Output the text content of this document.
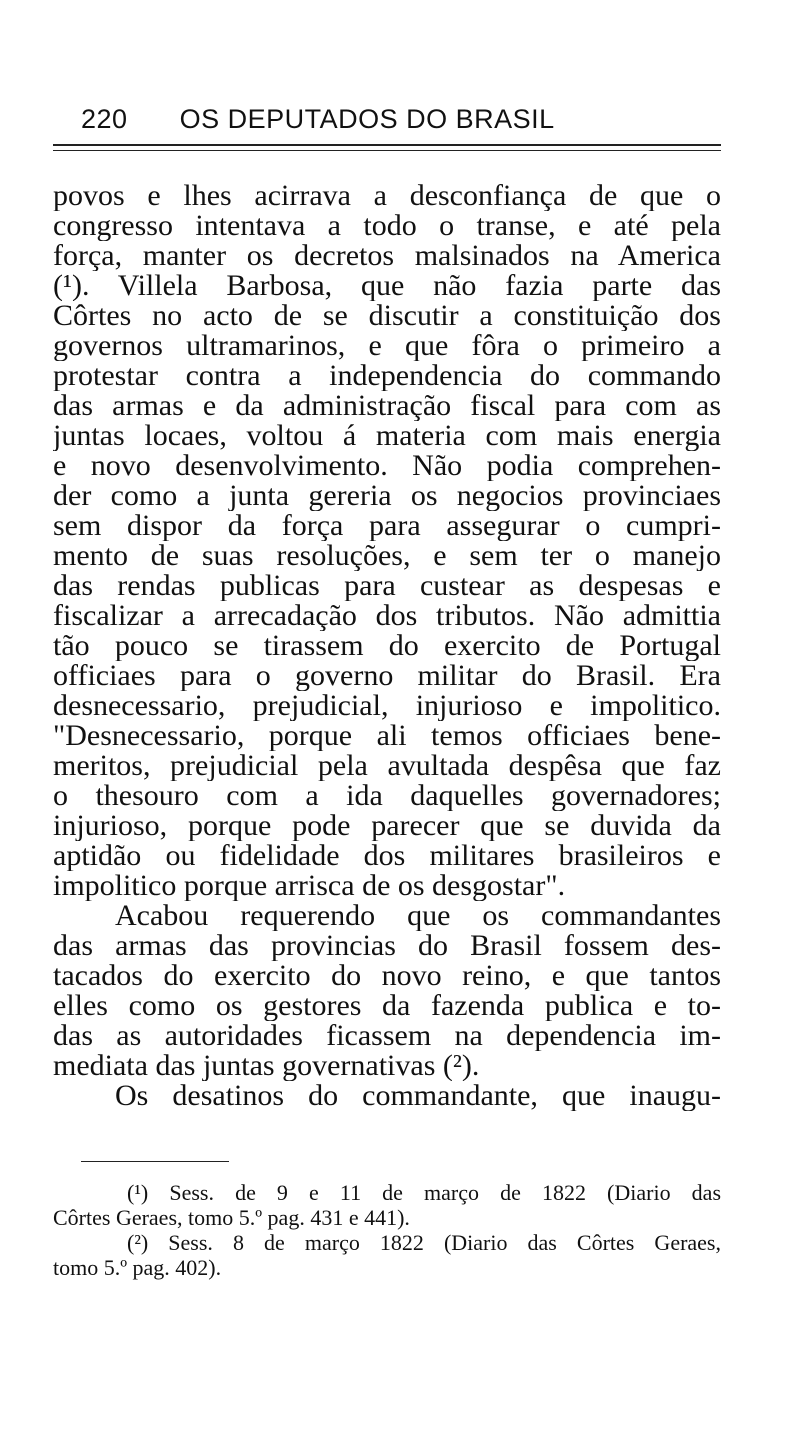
220 OS DEPUTADOS DO BRASIL
povos e lhes acirrava a desconfiança de que o
congresso intentava a todo o transe, e até pela
força, manter os decretos malsinados na America
(¹). Villela Barbosa, que não fazia parte das
Côrtes no acto de se discutir a constituição dos
governos ultramarinos, e que fôra o primeiro a
protestar contra a independencia do commando
das armas e da administração fiscal para com as
juntas locaes, voltou á materia com mais energia
e novo desenvolvimento. Não podia comprehen-
der como a junta gereria os negocios provinciaes
sem dispor da força para assegurar o cumpri-
mento de suas resoluções, e sem ter o manejo
das rendas publicas para custear as despesas e
fiscalizar a arrecadação dos tributos. Não admittia
tão pouco se tirassem do exercito de Portugal
officiaes para o governo militar do Brasil. Era
desnecessario, prejudicial, injurioso e impolitico.
"Desnecessario, porque ali temos officiaes bene-
meritos, prejudicial pela avultada despêsa que faz
o thesouro com a ida daquelles governadores;
injurioso, porque pode parecer que se duvida da
aptidão ou fidelidade dos militares brasileiros e
impolitico porque arrisca de os desgostar".
Acabou requerendo que os commandantes
das armas das provincias do Brasil fossem des-
tacados do exercito do novo reino, e que tantos
elles como os gestores da fazenda publica e to-
das as autoridades ficassem na dependencia im-
mediata das juntas governativas (²).
Os desatinos do commandante, que inaugu-
(¹) Sess. de 9 e 11 de março de 1822 (Diario das
Côrtes Geraes, tomo 5.º pag. 431 e 441).
(²) Sess. 8 de março 1822 (Diario das Côrtes Geraes,
tomo 5.º pag. 402).
